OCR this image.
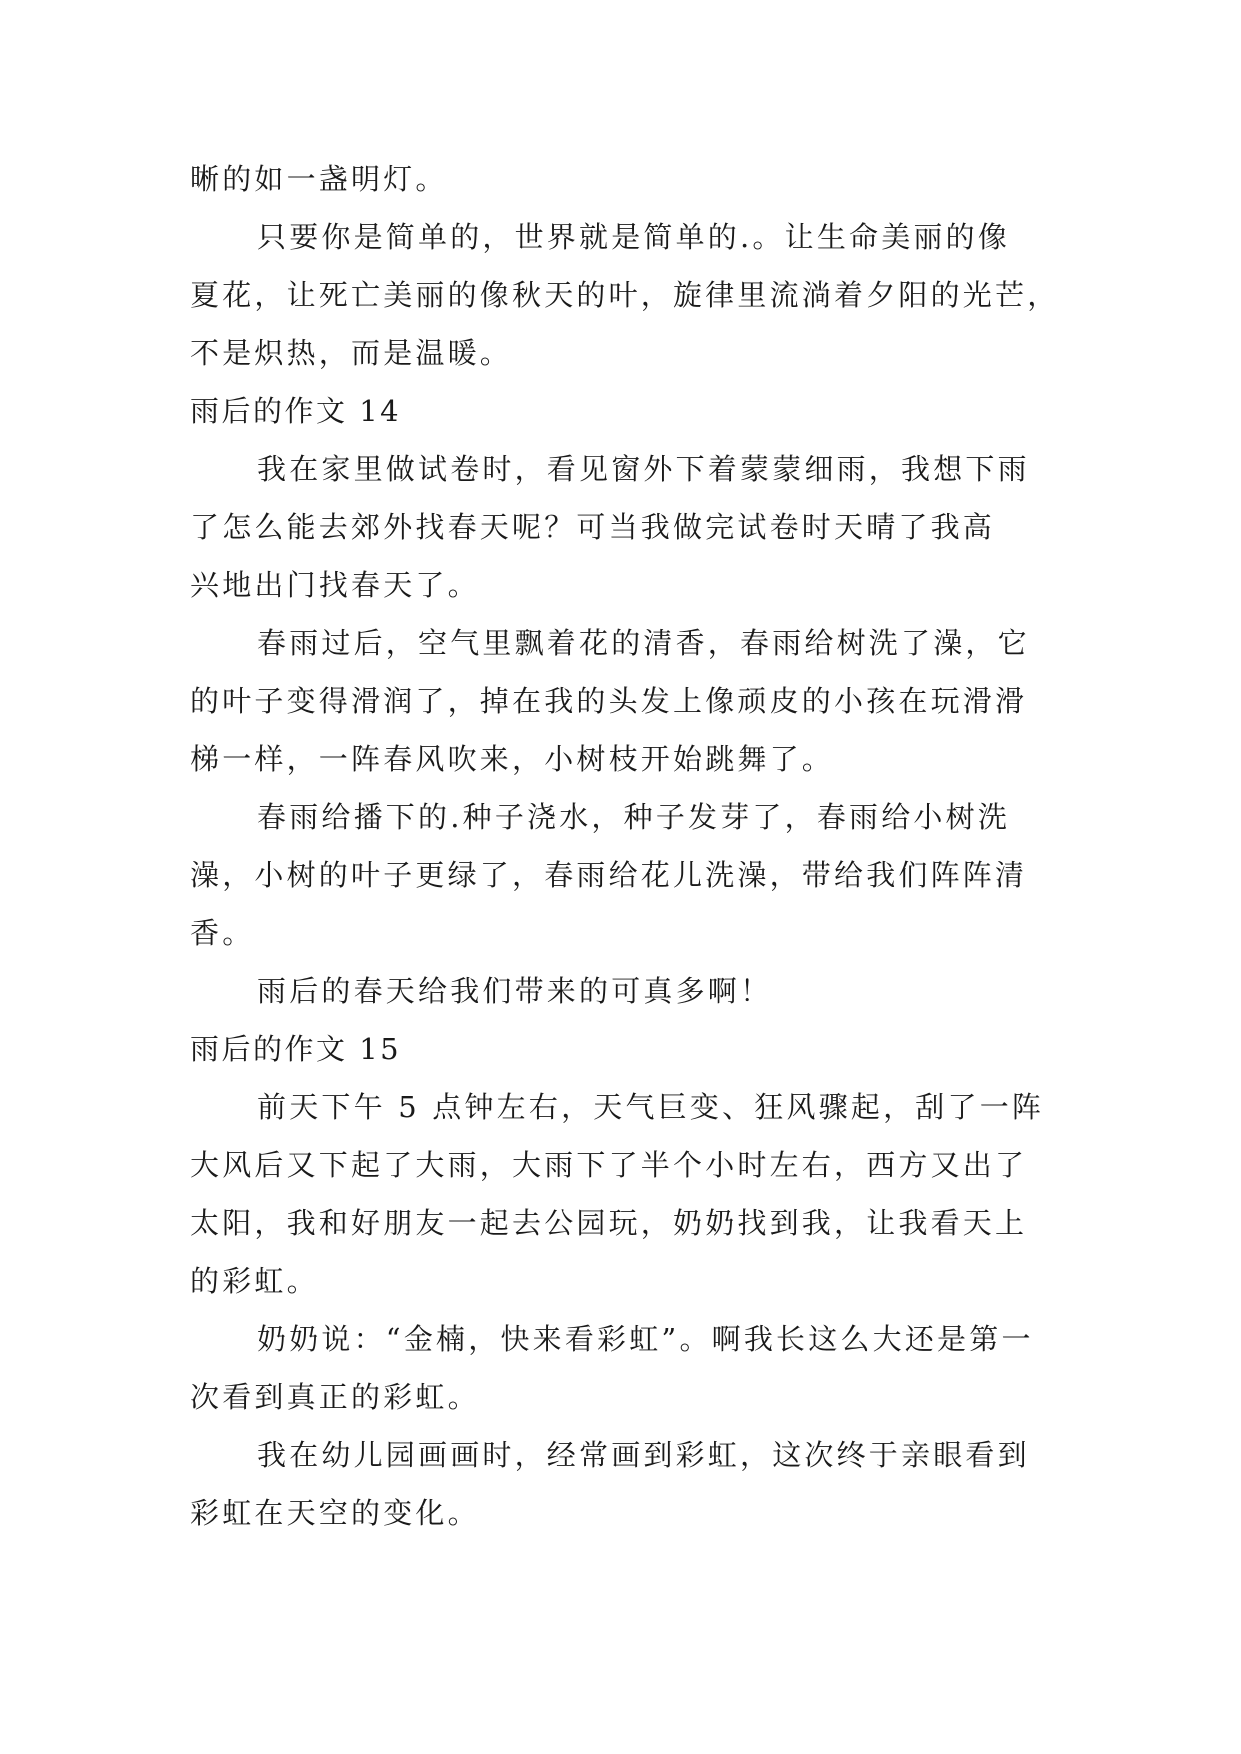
晰的如一盏明灯。
只要你是简单的，世界就是简单的.。让生命美丽的像
夏花，让死亡美丽的像秋天的叶，旋律里流淌着夕阳的光芒，
不是炽热，而是温暖。
雨后的作文 14
我在家里做试卷时，看见窗外下着蒙蒙细雨，我想下雨
了怎么能去郊外找春天呢？可当我做完试卷时天晴了我高
兴地出门找春天了。
春雨过后，空气里飘着花的清香，春雨给树洗了澡，它
的叶子变得滑润了，掉在我的头发上像顽皮的小孩在玩滑滑
梯一样，一阵春风吹来，小树枝开始跳舞了。
春雨给播下的.种子浇水，种子发芽了，春雨给小树洗
澡，小树的叶子更绿了，春雨给花儿洗澡，带给我们阵阵清
香。
雨后的春天给我们带来的可真多啊！
雨后的作文 15
前天下午 5 点钟左右，天气巨变、狂风骤起，刮了一阵
大风后又下起了大雨，大雨下了半个小时左右，西方又出了
太阳，我和好朋友一起去公园玩，奶奶找到我，让我看天上
的彩虹。
奶奶说：“金楠，快来看彩虹”。啊我长这么大还是第一
次看到真正的彩虹。
我在幼儿园画画时，经常画到彩虹，这次终于亲眼看到
彩虹在天空的变化。
